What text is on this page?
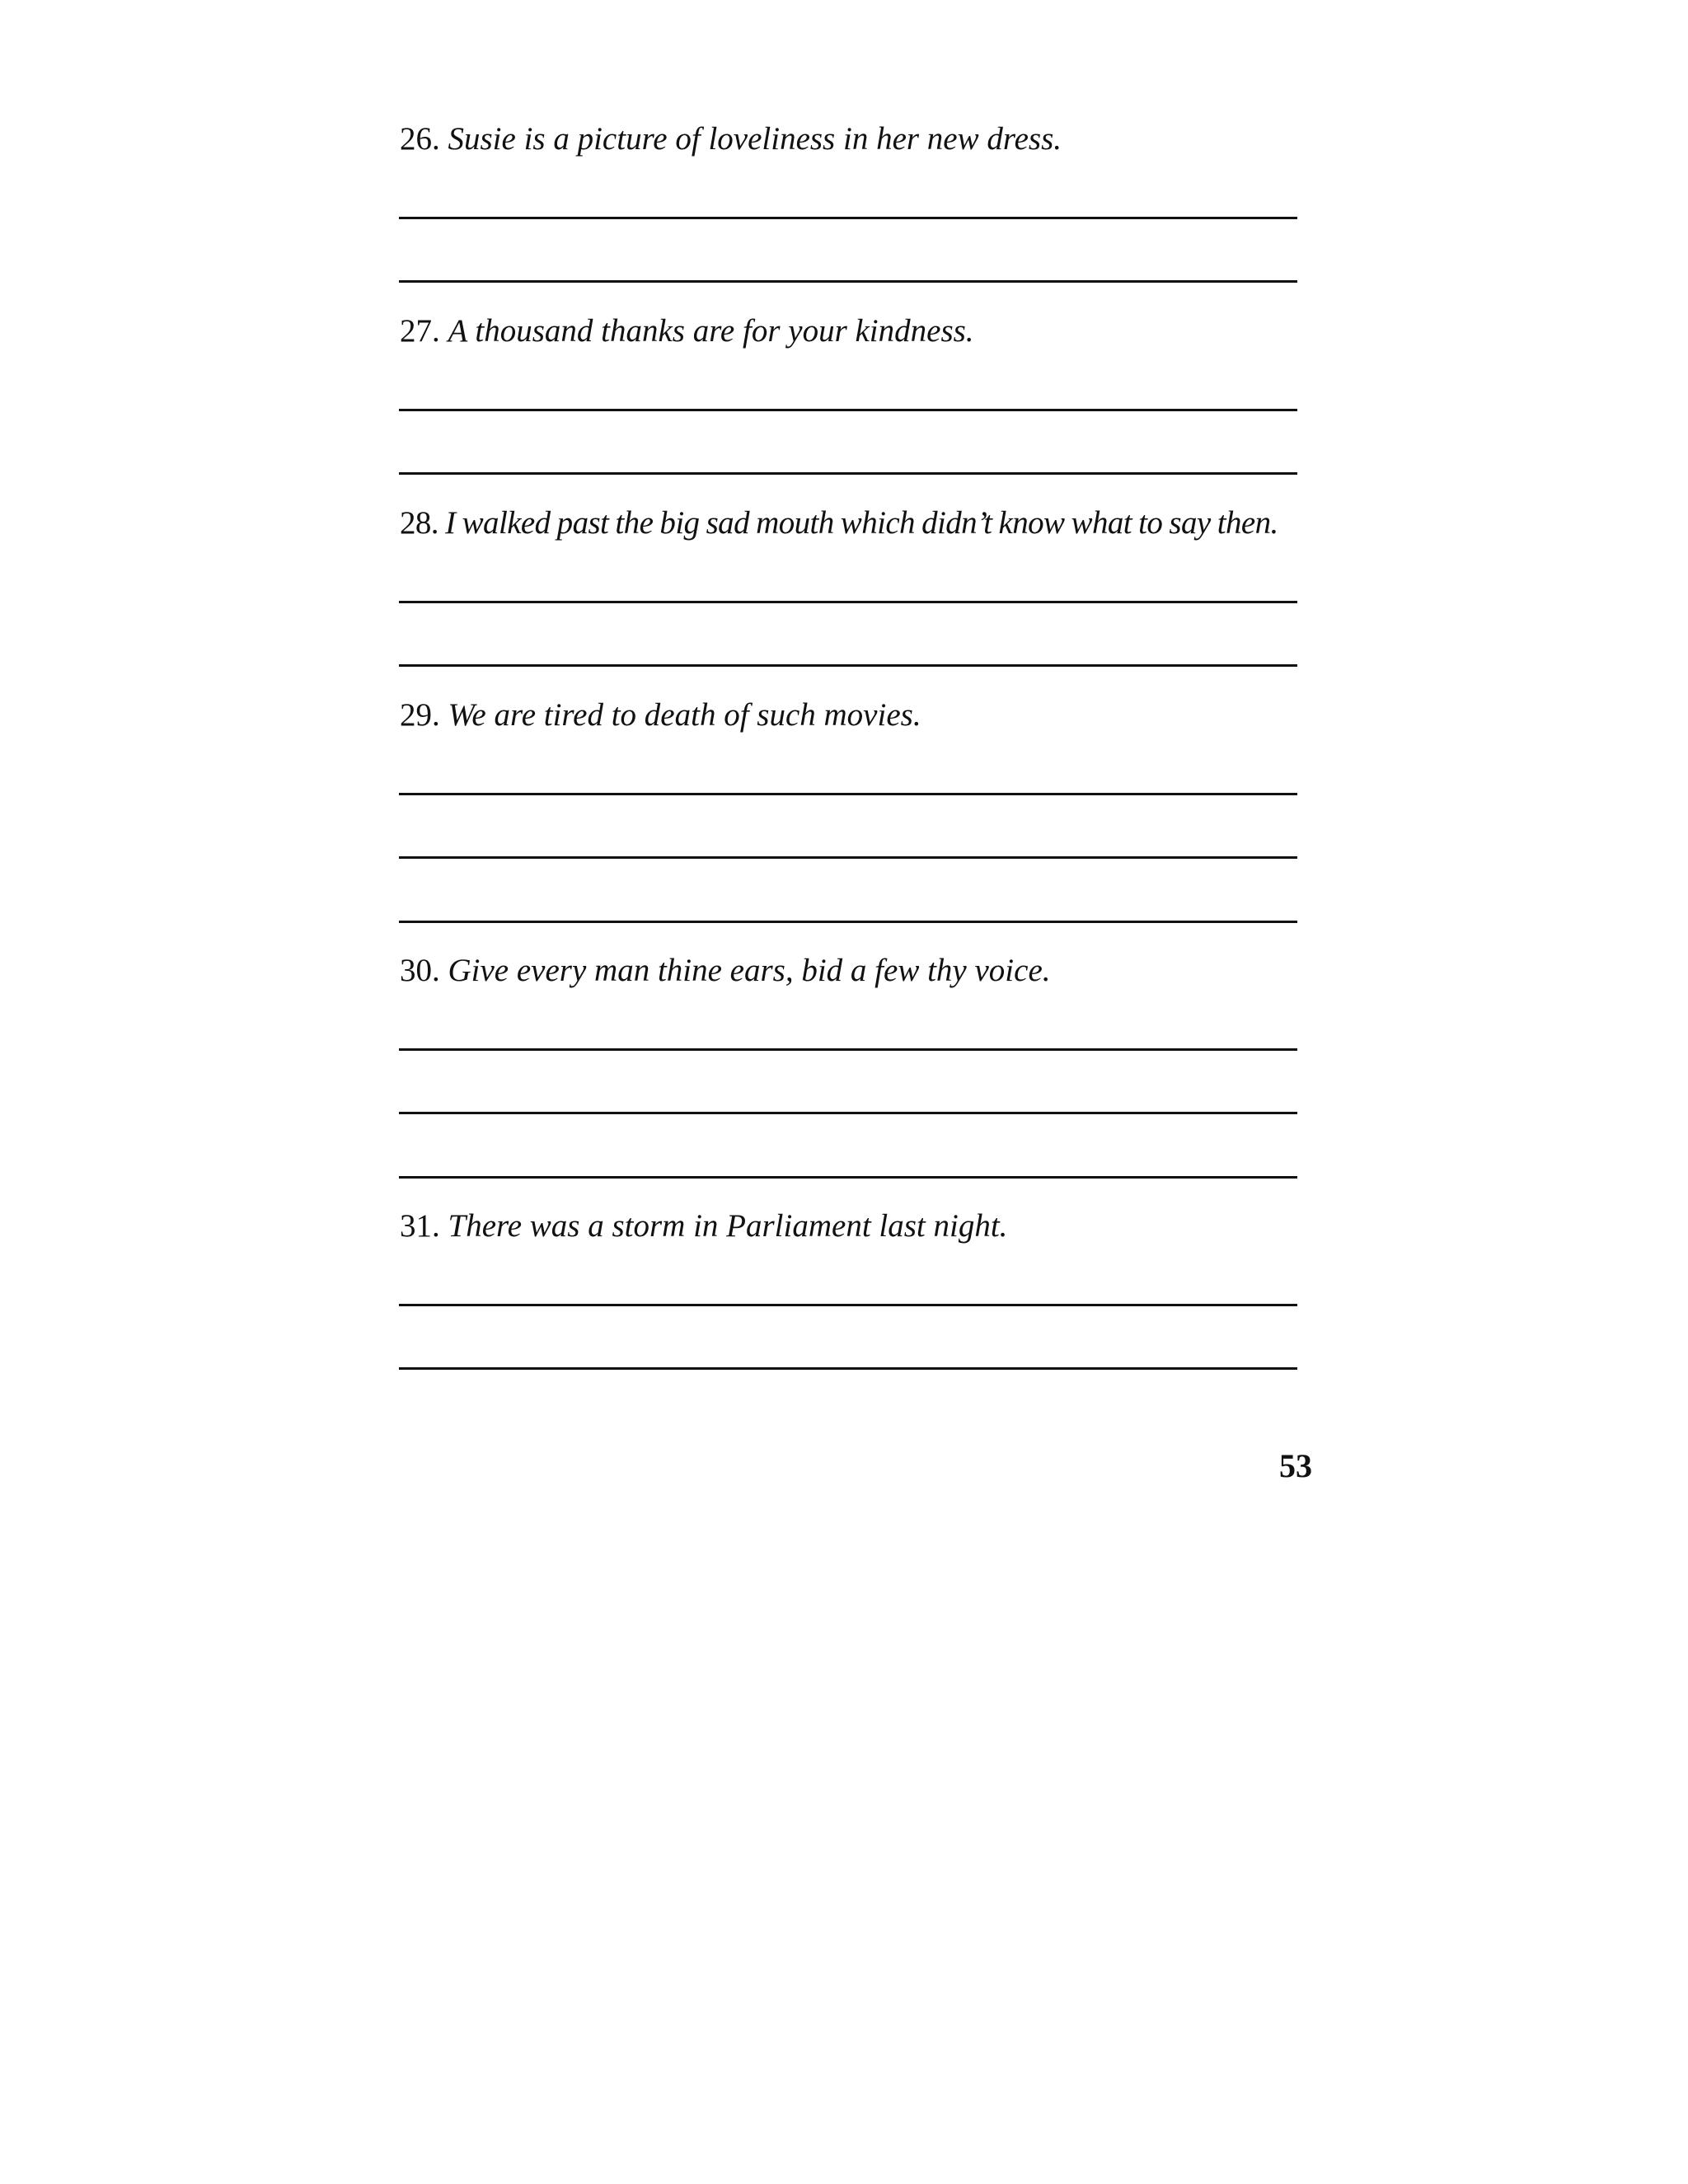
26. Susie is a picture of loveliness in her new dress.
27. A thousand thanks are for your kindness.
28. I walked past the big sad mouth which didn’t know what to say then.
29. We are tired to death of such movies.
30. Give every man thine ears, bid a few thy voice.
31. There was a storm in Parliament last night.
53
